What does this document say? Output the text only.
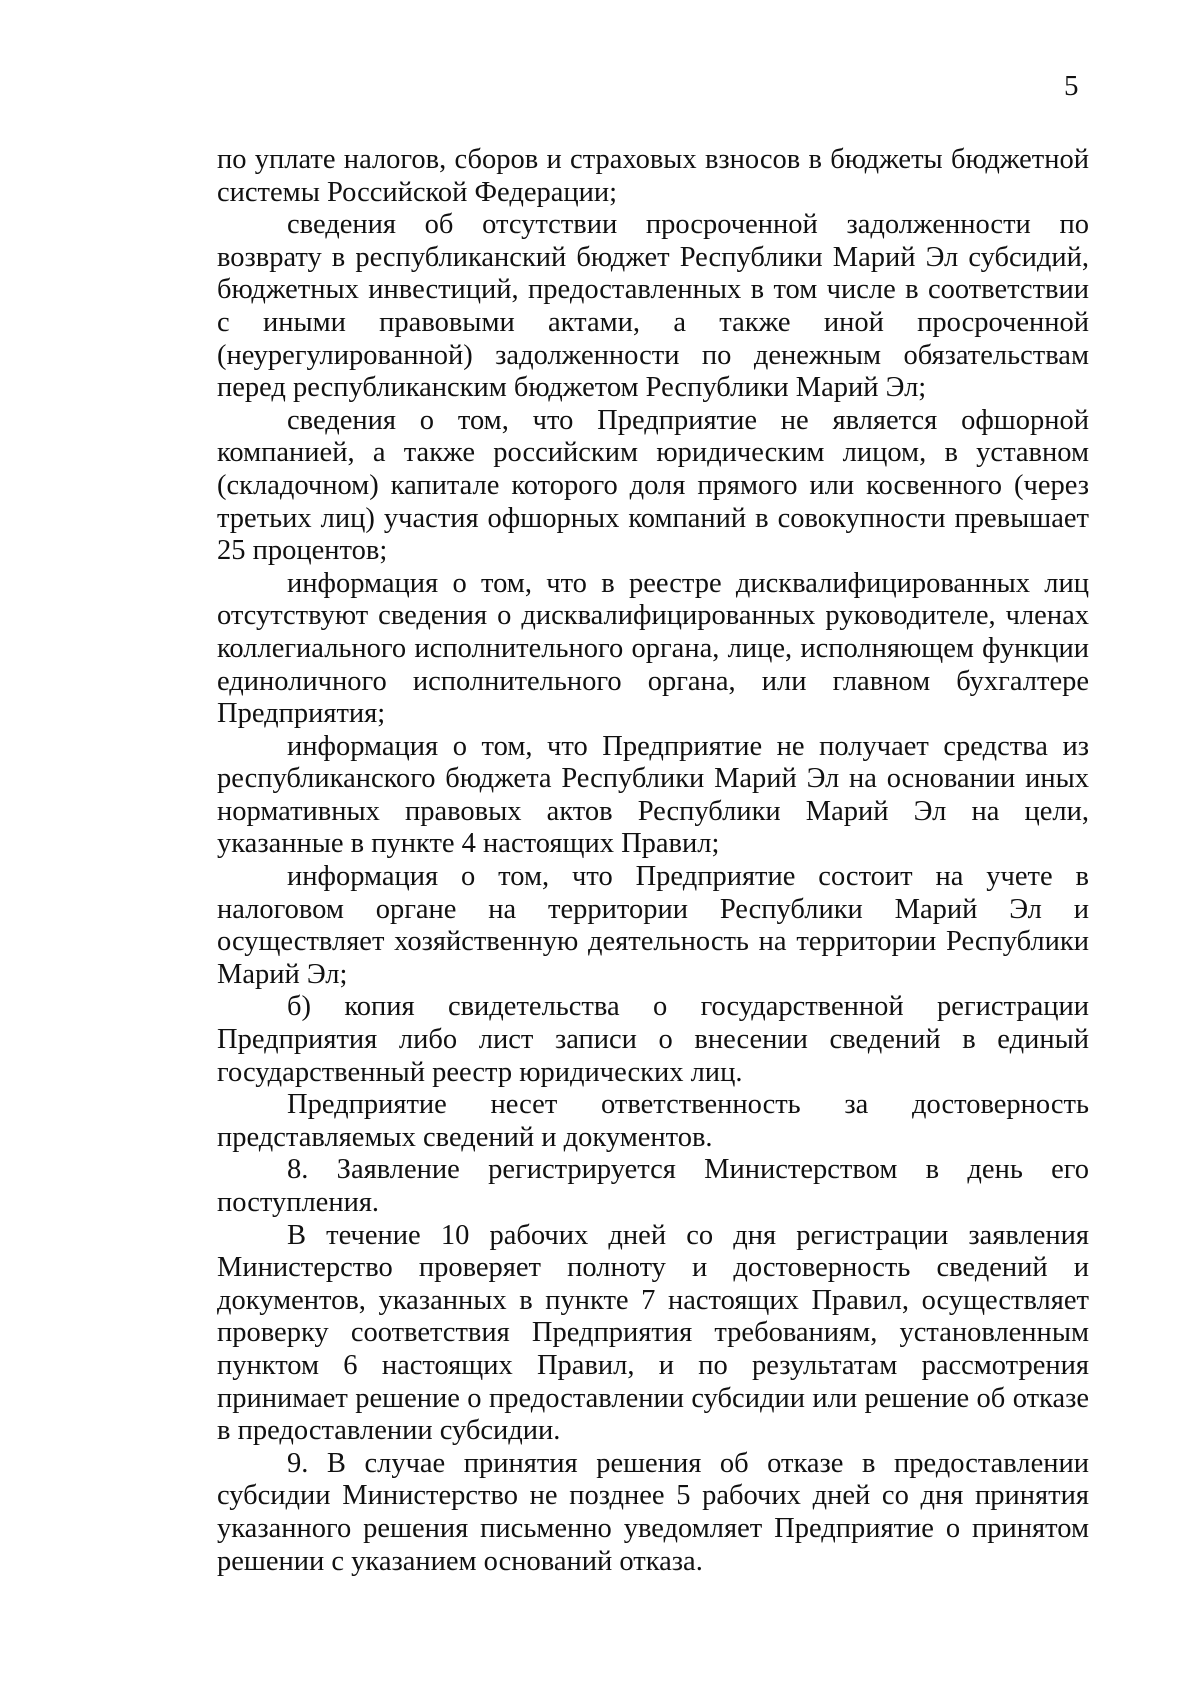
5

по уплате налогов, сборов и страховых взносов в бюджеты бюджетной системы Российской Федерации;

сведения об отсутствии просроченной задолженности по возврату в республиканский бюджет Республики Марий Эл субсидий, бюджетных инвестиций, предоставленных в том числе в соответствии с иными правовыми актами, а также иной просроченной (неурегулированной) задолженности по денежным обязательствам перед республиканским бюджетом Республики Марий Эл;

сведения о том, что Предприятие не является офшорной компанией, а также российским юридическим лицом, в уставном (складочном) капитале которого доля прямого или косвенного (через третьих лиц) участия офшорных компаний в совокупности превышает 25 процентов;

информация о том, что в реестре дисквалифицированных лиц отсутствуют сведения о дисквалифицированных руководителе, членах коллегиального исполнительного органа, лице, исполняющем функции единоличного исполнительного органа, или главном бухгалтере Предприятия;

информация о том, что Предприятие не получает средства из республиканского бюджета Республики Марий Эл на основании иных нормативных правовых актов Республики Марий Эл на цели, указанные в пункте 4 настоящих Правил;

информация о том, что Предприятие состоит на учете в налоговом органе на территории Республики Марий Эл и осуществляет хозяйственную деятельность на территории Республики Марий Эл;

б) копия свидетельства о государственной регистрации Предприятия либо лист записи о внесении сведений в единый государственный реестр юридических лиц.

Предприятие несет ответственность за достоверность представляемых сведений и документов.

8. Заявление регистрируется Министерством в день его поступления.

В течение 10 рабочих дней со дня регистрации заявления Министерство проверяет полноту и достоверность сведений и документов, указанных в пункте 7 настоящих Правил, осуществляет проверку соответствия Предприятия требованиям, установленным пунктом 6 настоящих Правил, и по результатам рассмотрения принимает решение о предоставлении субсидии или решение об отказе в предоставлении субсидии.

9. В случае принятия решения об отказе в предоставлении субсидии Министерство не позднее 5 рабочих дней со дня принятия указанного решения письменно уведомляет Предприятие о принятом решении с указанием оснований отказа.
